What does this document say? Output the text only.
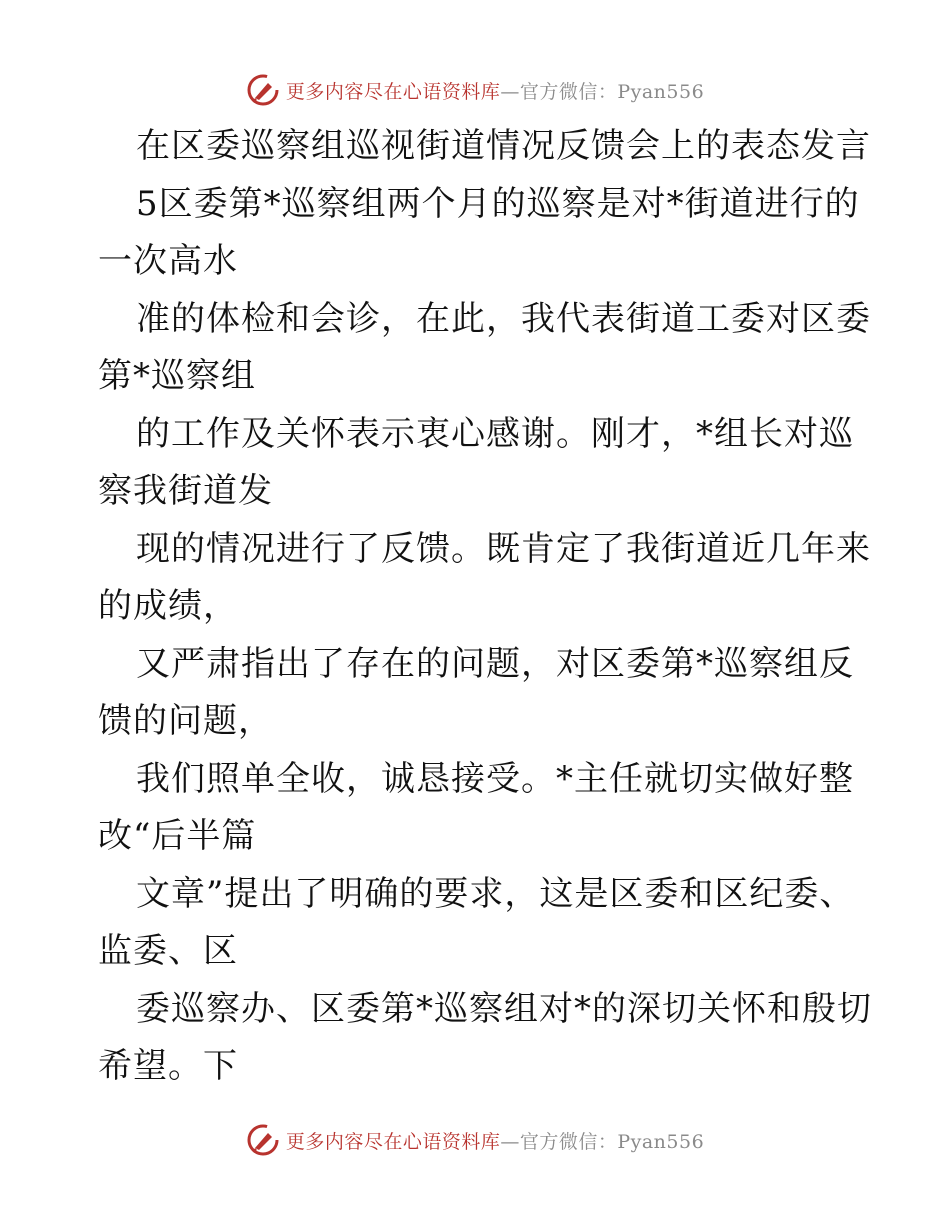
更多内容尽在心语资料库—官方微信：Pyan556
在区委巡察组巡视街道情况反馈会上的表态发言
5区委第*巡察组两个月的巡察是对*街道进行的
一次高水
准的体检和会诊，在此，我代表街道工委对区委
第*巡察组
的工作及关怀表示衷心感谢。刚才，*组长对巡
察我街道发
现的情况进行了反馈。既肯定了我街道近几年来
的成绩，
又严肃指出了存在的问题，对区委第*巡察组反
馈的问题，
我们照单全收，诚恳接受。*主任就切实做好整
改“后半篇
文章”提出了明确的要求，这是区委和区纪委、
监委、区
委巡察办、区委第*巡察组对*的深切关怀和殷切
希望。下
更多内容尽在心语资料库—官方微信：Pyan556
